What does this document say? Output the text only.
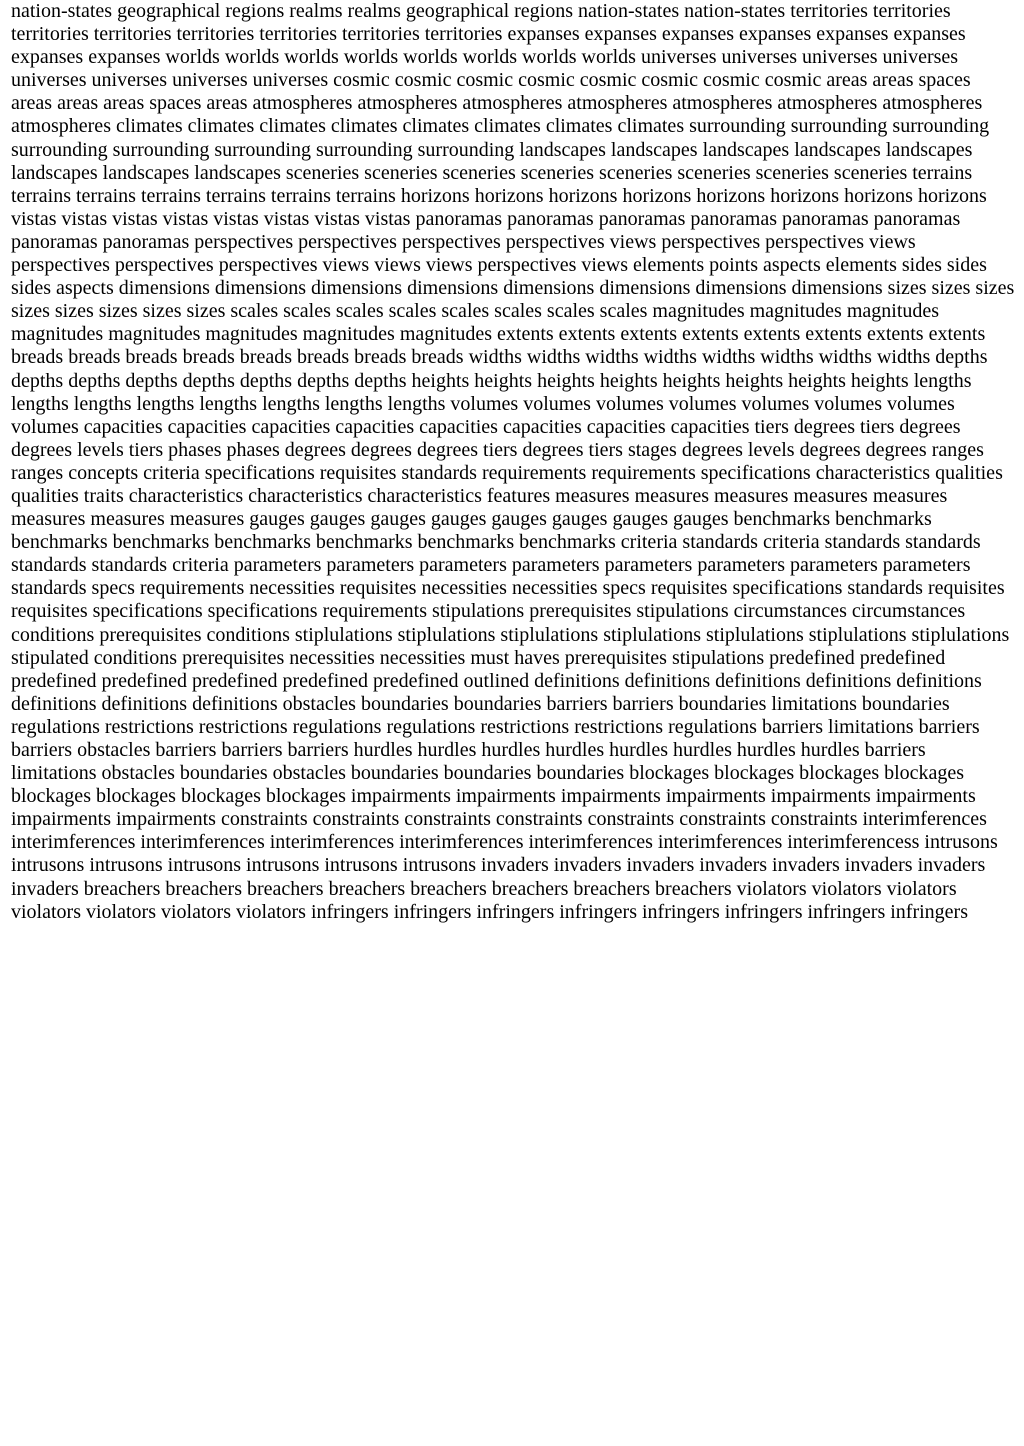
nation-states geographical regions realms realms geographical regions nation-states nation-states territories territories territories territories territories territories territories territories expanses expanses expanses expanses expanses expanses expanses expanses worlds worlds worlds worlds worlds worlds worlds worlds universes universes universes universes universes universes universes universes cosmic cosmic cosmic cosmic cosmic cosmic cosmic cosmic areas areas spaces areas areas areas spaces areas atmospheres atmospheres atmospheres atmospheres atmospheres atmospheres atmospheres atmospheres climates climates climates climates climates climates climates climates surrounding surrounding surrounding surrounding surrounding surrounding surrounding surrounding landscapes landscapes landscapes landscapes landscapes landscapes landscapes landscapes sceneries sceneries sceneries sceneries sceneries sceneries sceneries sceneries terrains terrains terrains terrains terrains terrains terrains horizons horizons horizons horizons horizons horizons horizons horizons vistas vistas vistas vistas vistas vistas vistas vistas panoramas panoramas panoramas panoramas panoramas panoramas panoramas panoramas perspectives perspectives perspectives perspectives views perspectives perspectives views perspectives perspectives perspectives views views views perspectives views elements points aspects elements sides sides sides aspects dimensions dimensions dimensions dimensions dimensions dimensions dimensions dimensions sizes sizes sizes sizes sizes sizes sizes sizes scales scales scales scales scales scales scales scales magnitudes magnitudes magnitudes magnitudes magnitudes magnitudes magnitudes magnitudes extents extents extents extents extents extents extents extents breads breads breads breads breads breads breads breads widths widths widths widths widths widths widths widths depths depths depths depths depths depths depths depths heights heights heights heights heights heights heights heights lengths lengths lengths lengths lengths lengths lengths lengths volumes volumes volumes volumes volumes volumes volumes volumes capacities capacities capacities capacities capacities capacities capacities capacities tiers degrees tiers degrees degrees levels tiers phases phases degrees degrees degrees tiers degrees tiers stages degrees levels degrees degrees ranges ranges concepts criteria specifications requisites standards requirements requirements specifications characteristics qualities qualities traits characteristics characteristics characteristics features measures measures measures measures measures measures measures measures gauges gauges gauges gauges gauges gauges gauges gauges benchmarks benchmarks benchmarks benchmarks benchmarks benchmarks benchmarks benchmarks criteria standards criteria standards standards standards standards criteria parameters parameters parameters parameters parameters parameters parameters parameters standards specs requirements necessities requisites necessities necessities specs requisites specifications standards requisites requisites specifications specifications requirements stipulations prerequisites stipulations circumstances circumstances conditions prerequisites conditions stiplulations stiplulations stiplulations stiplulations stiplulations stiplulations stiplulations stipulated conditions prerequisites necessities necessities must haves prerequisites stipulations predefined predefined predefined predefined predefined predefined predefined outlined definitions definitions definitions definitions definitions definitions definitions definitions obstacles boundaries boundaries barriers barriers boundaries limitations boundaries regulations restrictions restrictions regulations regulations restrictions restrictions regulations barriers limitations barriers barriers obstacles barriers barriers barriers hurdles hurdles hurdles hurdles hurdles hurdles hurdles hurdles barriers limitations obstacles boundaries obstacles boundaries boundaries boundaries blockages blockages blockages blockages blockages blockages blockages blockages impairments impairments impairments impairments impairments impairments impairments impairments constraints constraints constraints constraints constraints constraints constraints interimferences interimferences interimferences interimferences interimferences interimferences interimferences interimferencess intrusons intrusons intrusons intrusons intrusons intrusons intrusons invaders invaders invaders invaders invaders invaders invaders invaders breachers breachers breachers breachers breachers breachers breachers breachers violators violators violators violators violators violators violators infringers infringers infringers infringers infringers infringers infringers infringers
